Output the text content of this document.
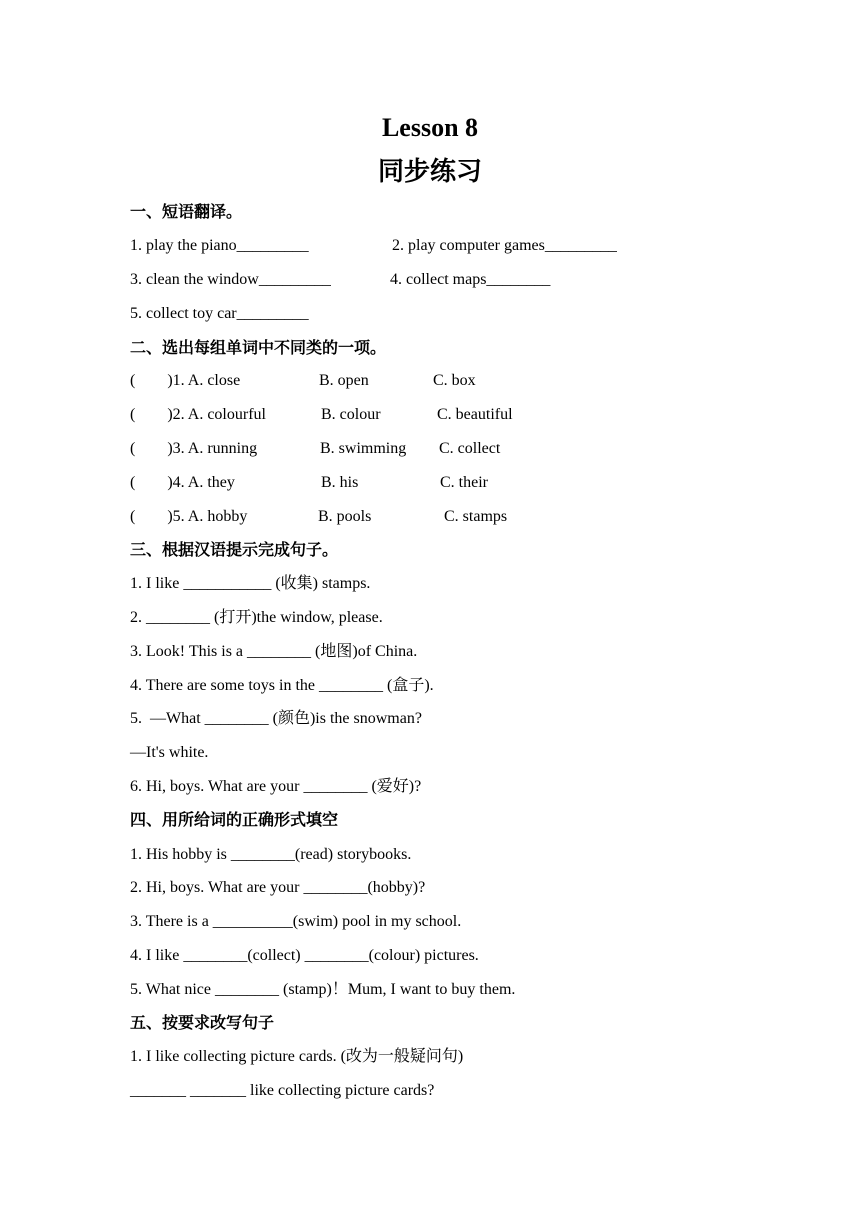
Lesson 8
同步练习
一、短语翻译。
1. play the piano_________	2. play computer games_________
3. clean the window_________	4. collect maps________
5. collect toy car_________
二、选出每组单词中不同类的一项。
(        )1. A. close	B. open	C. box
(        )2. A. colourful	B. colour	C. beautiful
(        )3. A. running	B. swimming C. collect
(        )4. A. they	B. his	C. their
(        )5. A. hobby	B. pools	C. stamps
三、根据汉语提示完成句子。
1. I like ___________ (收集) stamps.
2. ________ (打开)the window, please.
3. Look! This is a ________ (地图)of China.
4. There are some toys in the ________ (盒子).
5.  —What ________ (颜色)is the snowman?
—It's white.
6. Hi, boys. What are your ________ (爱好)?
四、用所给词的正确形式填空
1. His hobby is ________(read) storybooks.
2. Hi, boys. What are your ________(hobby)?
3. There is a __________(swim) pool in my school.
4. I like ________(collect) ________(colour) pictures.
5. What nice ________ (stamp)！Mum, I want to buy them.
五、按要求改写句子
1. I like collecting picture cards. (改为一般疑问句)
_______ _______ like collecting picture cards?
